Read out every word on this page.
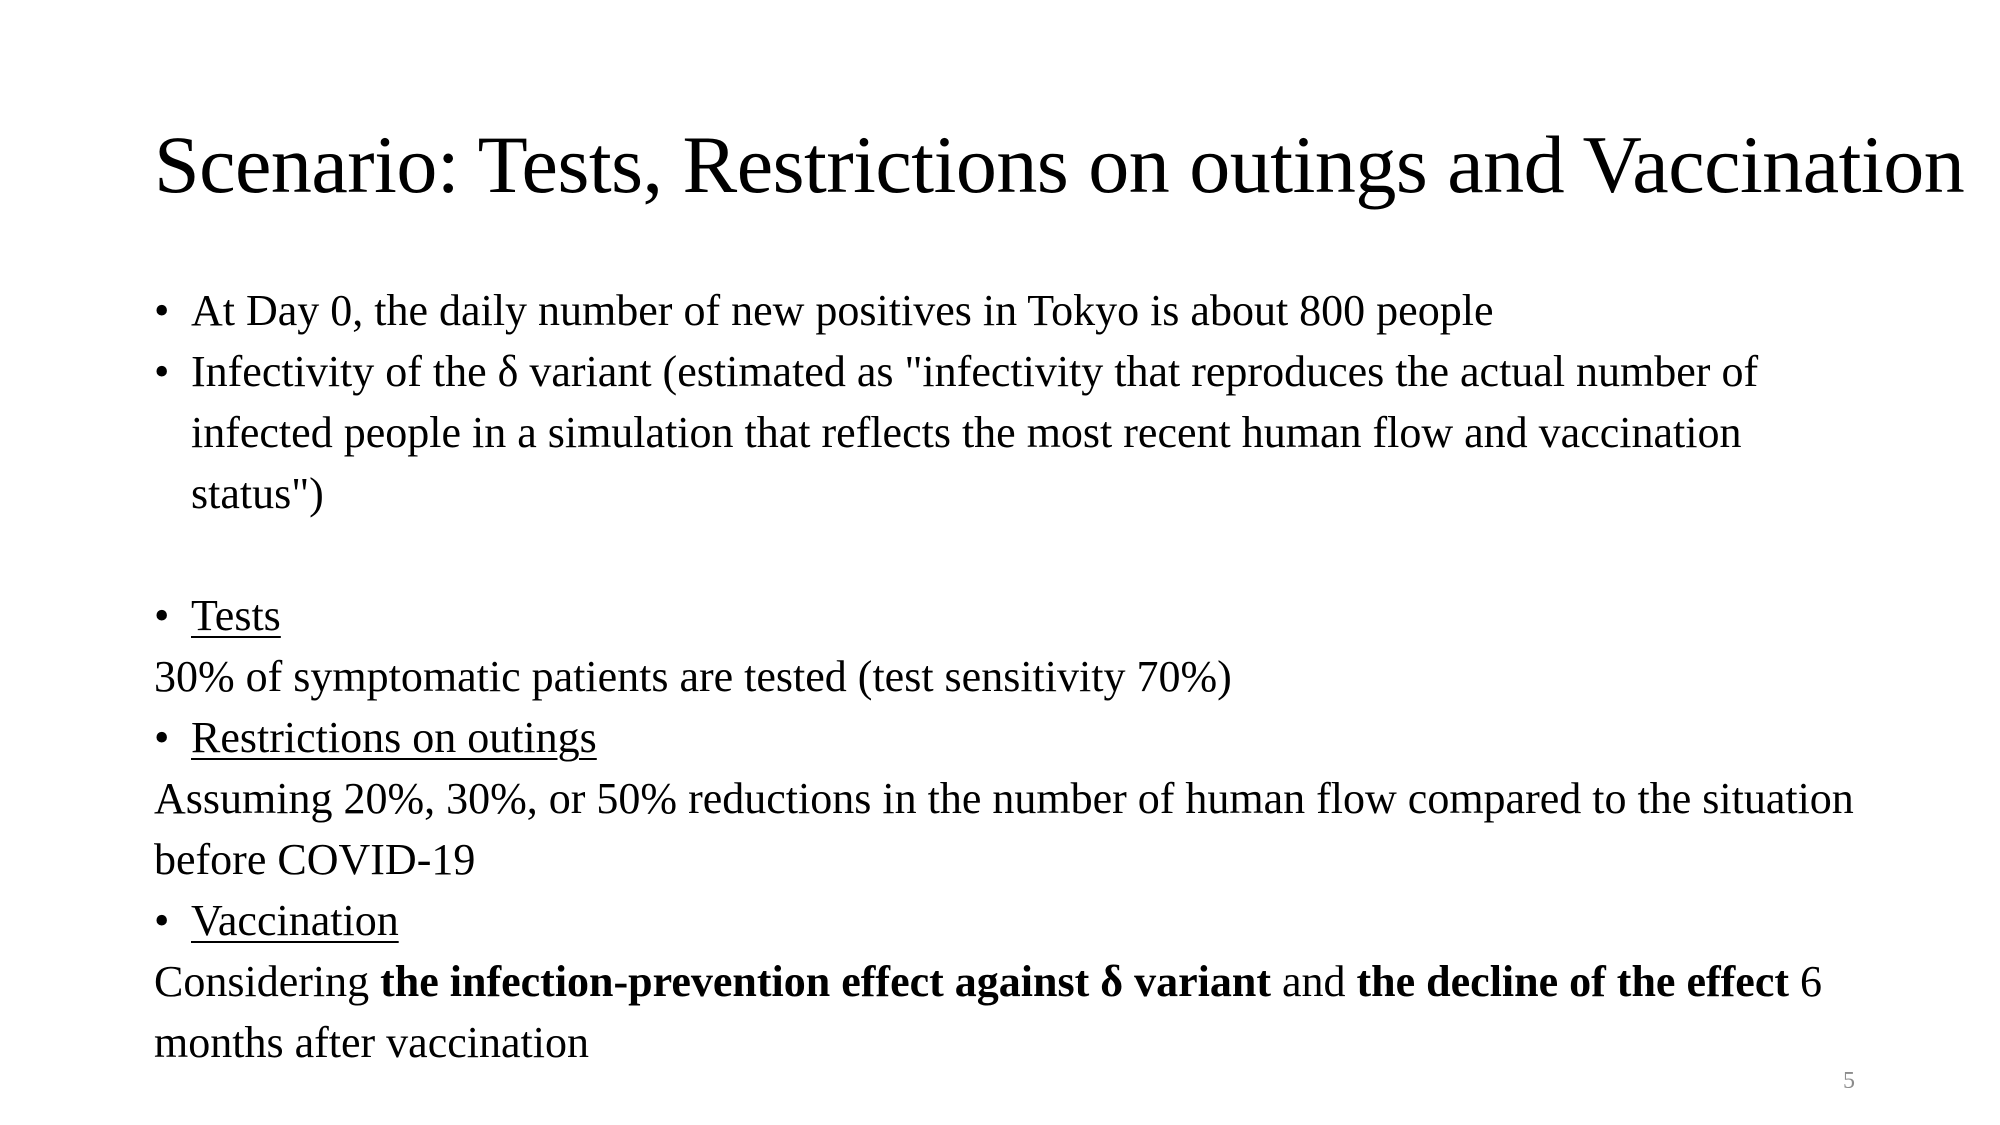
Scenario: Tests, Restrictions on outings and Vaccination

• At Day 0, the daily number of new positives in Tokyo is about 800 people

• Infectivity of the δ variant (estimated as "infectivity that reproduces the actual number of infected people in a simulation that reflects the most recent human flow and vaccination status")

• Tests

30% of symptomatic patients are tested (test sensitivity 70%)

• Restrictions on outings

Assuming 20%, 30%, or 50% reductions in the number of human flow compared to the situation before COVID-19

• Vaccination

Considering the infection-prevention effect against δ variant and the decline of the effect 6 months after vaccination

5
